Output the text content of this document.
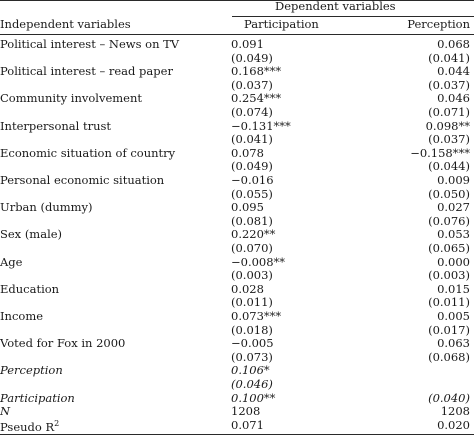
Dependent variables
Independent variables	Participation	Perception
Political interest – News on TV	0.091	0.068
(0.049)	(0.041)
Political interest – read paper	0.168***	0.044
(0.037)	(0.037)
Community involvement	0.254***	0.046
(0.074)	(0.071)
Interpersonal trust	−0.131***	0.098**
(0.041)	(0.037)
Economic situation of country	0.078	−0.158***
(0.049)	(0.044)
Personal economic situation	−0.016	0.009
(0.055)	(0.050)
Urban (dummy)	0.095	0.027
(0.081)	(0.076)
Sex (male)	0.220**	0.053
(0.070)	(0.065)
Age	−0.008**	0.000
(0.003)	(0.003)
Education	0.028	0.015
(0.011)	(0.011)
Income	0.073***	0.005
(0.018)	(0.017)
Voted for Fox in 2000	−0.005	0.063
(0.073)	(0.068)
Perception	0.106*
(0.046)
Participation	0.100**	(0.040)
N	1208	1208
Pseudo $R^2$	0.071	0.020
